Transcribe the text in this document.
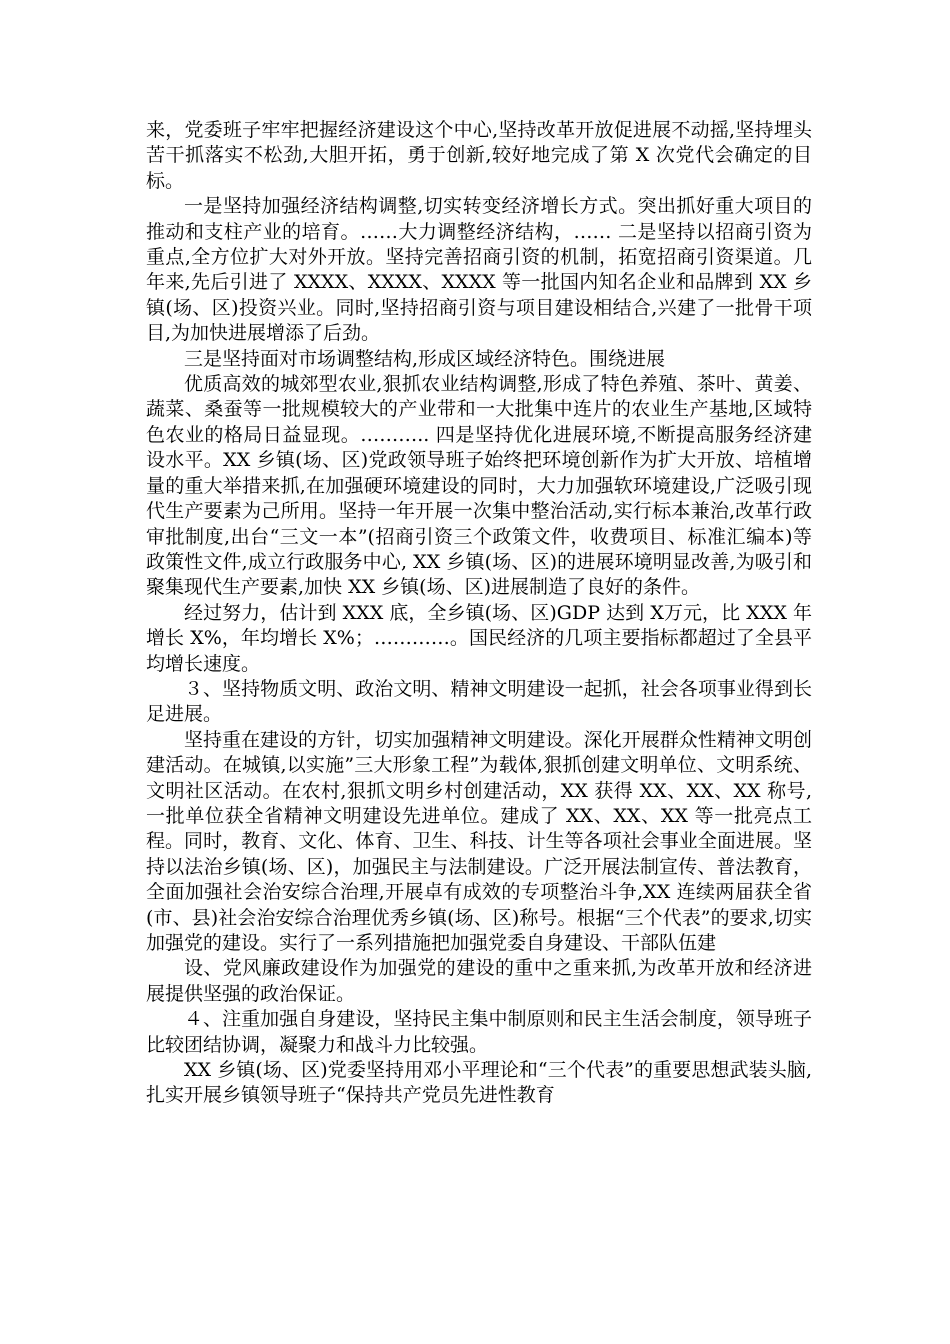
来，党委班子牢牢把握经济建设这个中心,坚持改革开放促进展不动摇,坚持埋头苦干抓落实不松劲,大胆开拓，勇于创新,较好地完成了第 X 次党代会确定的目标。

一是坚持加强经济结构调整,切实转变经济增长方式。突出抓好重大项目的推动和支柱产业的培育。……大力调整经济结构，…… 二是坚持以招商引资为重点,全方位扩大对外开放。坚持完善招商引资的机制，拓宽招商引资渠道。几年来,先后引进了 XXXX、XXXX、XXXX 等一批国内知名企业和品牌到 XX 乡镇(场、区)投资兴业。同时,坚持招商引资与项目建设相结合,兴建了一批骨干项目,为加快进展增添了后劲。

三是坚持面对市场调整结构,形成区域经济特色。围绕进展

优质高效的城郊型农业,狠抓农业结构调整,形成了特色养殖、茶叶、黄姜、蔬菜、桑蚕等一批规模较大的产业带和一大批集中连片的农业生产基地,区域特色农业的格局日益显现。……….. 四是坚持优化进展环境,不断提高服务经济建设水平。XX 乡镇(场、区)党政领导班子始终把环境创新作为扩大开放、培植增量的重大举措来抓,在加强硬环境建设的同时，大力加强软环境建设,广泛吸引现代生产要素为己所用。坚持一年开展一次集中整治活动,实行标本兼治,改革行政审批制度,出台“三文一本”(招商引资三个政策文件，收费项目、标准汇编本)等政策性文件,成立行政服务中心, XX 乡镇(场、区)的进展环境明显改善,为吸引和聚集现代生产要素,加快 XX 乡镇(场、区)进展制造了良好的条件。

经过努力，估计到 XXX 底，全乡镇(场、区)GDP 达到 X万元，比 XXX 年增长 X%，年均增长 X%；…………。国民经济的几项主要指标都超过了全县平均增长速度。

３、坚持物质文明、政治文明、精神文明建设一起抓，社会各项事业得到长足进展。

坚持重在建设的方针，切实加强精神文明建设。深化开展群众性精神文明创建活动。在城镇,以实施”三大形象工程”为载体,狠抓创建文明单位、文明系统、文明社区活动。在农村,狠抓文明乡村创建活动，XX 获得 XX、XX、XX 称号,一批单位获全省精神文明建设先进单位。建成了 XX、XX、XX 等一批亮点工程。同时，教育、文化、体育、卫生、科技、计生等各项社会事业全面进展。坚持以法治乡镇(场、区)，加强民主与法制建设。广泛开展法制宣传、普法教育，全面加强社会治安综合治理,开展卓有成效的专项整治斗争,XX 连续两届获全省(市、县)社会治安综合治理优秀乡镇(场、区)称号。根据“三个代表”的要求,切实加强党的建设。实行了一系列措施把加强党委自身建设、干部队伍建

设、党风廉政建设作为加强党的建设的重中之重来抓,为改革开放和经济进展提供坚强的政治保证。

４、注重加强自身建设，坚持民主集中制原则和民主生活会制度，领导班子比较团结协调，凝聚力和战斗力比较强。

XX 乡镇(场、区)党委坚持用邓小平理论和“三个代表”的重要思想武装头脑,扎实开展乡镇领导班子“保持共产党员先进性教育
